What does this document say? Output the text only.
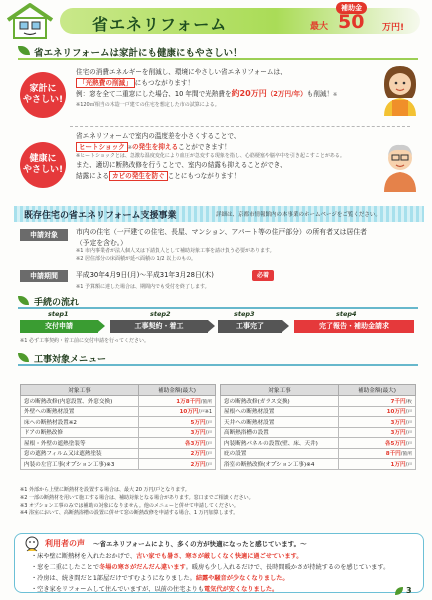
省エネリフォーム
補助金
最大 50 万円!
省エネリフォームは家計にも健康にもやさしい！
家計に
やさしい!
住宅の消費エネルギーを削減し、環境にやさしい省エネリフォームは、
「光熱費の削減」 にもつながります！
例：窓を全て二重窓にした場合、10 年間で光熱費を約20万円（2万円/年）も削減！※
※120㎡相当の木造一戸建ての住宅を想定した市の試算による。
健康に
やさしい!
省エネリフォームで室内の温度差を小さくすることで、
ヒートショック ※の発生を抑えることができます！
※ヒートショックとは、急激な温度変化により血圧が急変する現象を指し、心筋梗塞や脳卒中を引き起こすことがある。
また、適切に断熱改修を行うことで、室内の結露も抑えることができ、
結露による カビの発生を防ぐ ことにもつながります！
既存住宅の省エネリフォーム支援事業	詳細は、京都市情報館内の本事業のホームページをご覧ください。
申請対象	市内の住宅（一戸建ての住宅、長屋、マンション、アパート等の住戸部分）の所有者又は居住者
（予定を含む。）
※1 市内事業者が法人個人又は下請負人として補助対象工事を請け負う必要があります。
※2 居住部分の床面積が延べ面積の 1/2 以上のもの。
申請期間	平成30年4月9日(月)～平成31年3月28日(木)	必着
※1 予算額に達した場合は、期間内でも受付を終了します。
手続の流れ
step1	step2	step3	step4
交付申請	工事契約・着工	工事完了	完了報告・補助金請求
※1 必ず工事契約・着工前に交付申請を行ってください。
工事対象メニュー
対象工事	補助金額(最大)
窓の断熱改修(内窓設置、外窓交換)	1万8千円/箇所
外壁への断熱材設置	10万円/戸※1
床への断熱材設置※2	5万円/戸
ドアの断熱改修	3万円/戸
屋根・外壁の遮熱塗装等	各3万円/戸
窓の遮熱フィルム又は遮熱塗装	2万円/戸
内装の左官工事(オプション工事)※3	2万円/戸
対象工事	補助金額(最大)
窓の断熱改修(ガラス交換)	7千円/枚
屋根への断熱材設置	10万円/戸
天井への断熱材設置	3万円/戸
高断熱浴槽の設置	3万円/戸
内装断熱パネルの設置(壁、床、天井)	各5万円/戸
庇の設置	8千円/箇所
浴室の断熱改修(オプション工事)※4	1万円/戸
※1 外部から上壁に断熱材を設置する場合は、最大 20 万円/戸となります。
※2 一部の断熱材を用いて施工する場合は、補助対象となる場合があります。窓口までご相談ください。
※3 オプション工事のみでは補助の対象になりません。他のメニューと併せて申請してください。
※4 浴室において、高断熱浴槽の設置に併せて窓の断熱改修を申請する場合、1 万円加算します。
利用者の声 ～省エネリフォームにより、多くの方が快適になったと感じています。～
・床や壁に断熱材を入れたおかげで、古い家でも暑さ、寒さが厳しくなく快適に過ごせています。
・窓を二重にしたことで冬場の寒さがだんだん違います。暖房も少し入れるだけで、長時間暖かさが持続するのを感じています。
・冷房は、続き間だと1部屋だけですむようになりました。結露や騒音が少なくなりました。
・空き家をリフォームして住んでいますが、以前の住宅よりも電気代が安くなりました。	3
